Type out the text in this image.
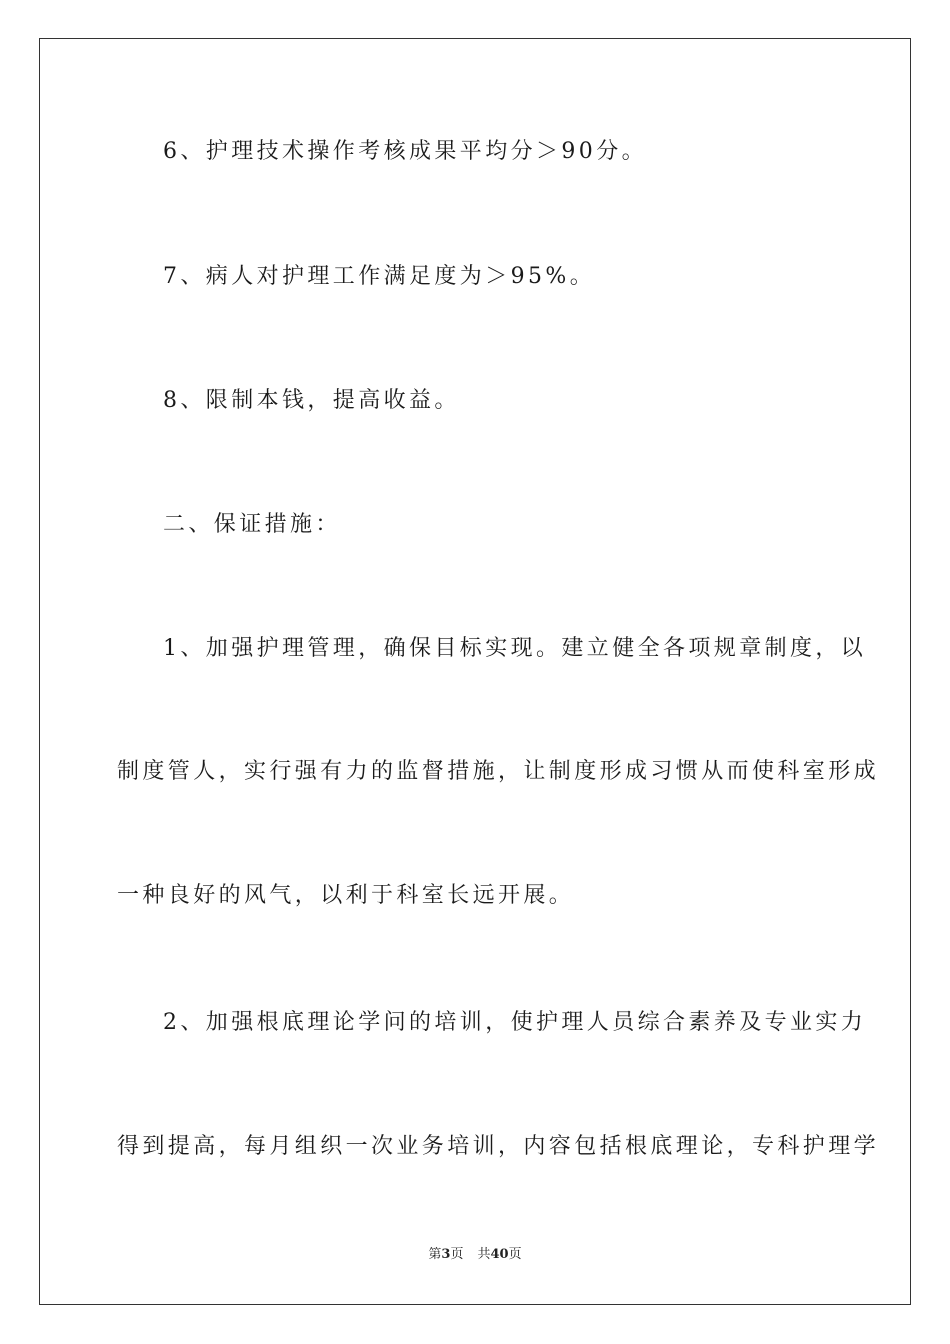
6、护理技术操作考核成果平均分＞90分。

7、病人对护理工作满足度为＞95%。

8、限制本钱，提高收益。

二、保证措施：

1、加强护理管理，确保目标实现。建立健全各项规章制度，以

制度管人，实行强有力的监督措施，让制度形成习惯从而使科室形成

一种良好的风气，以利于科室长远开展。

2、加强根底理论学问的培训，使护理人员综合素养及专业实力

得到提高，每月组织一次业务培训，内容包括根底理论，专科护理学

第3页 共40页
